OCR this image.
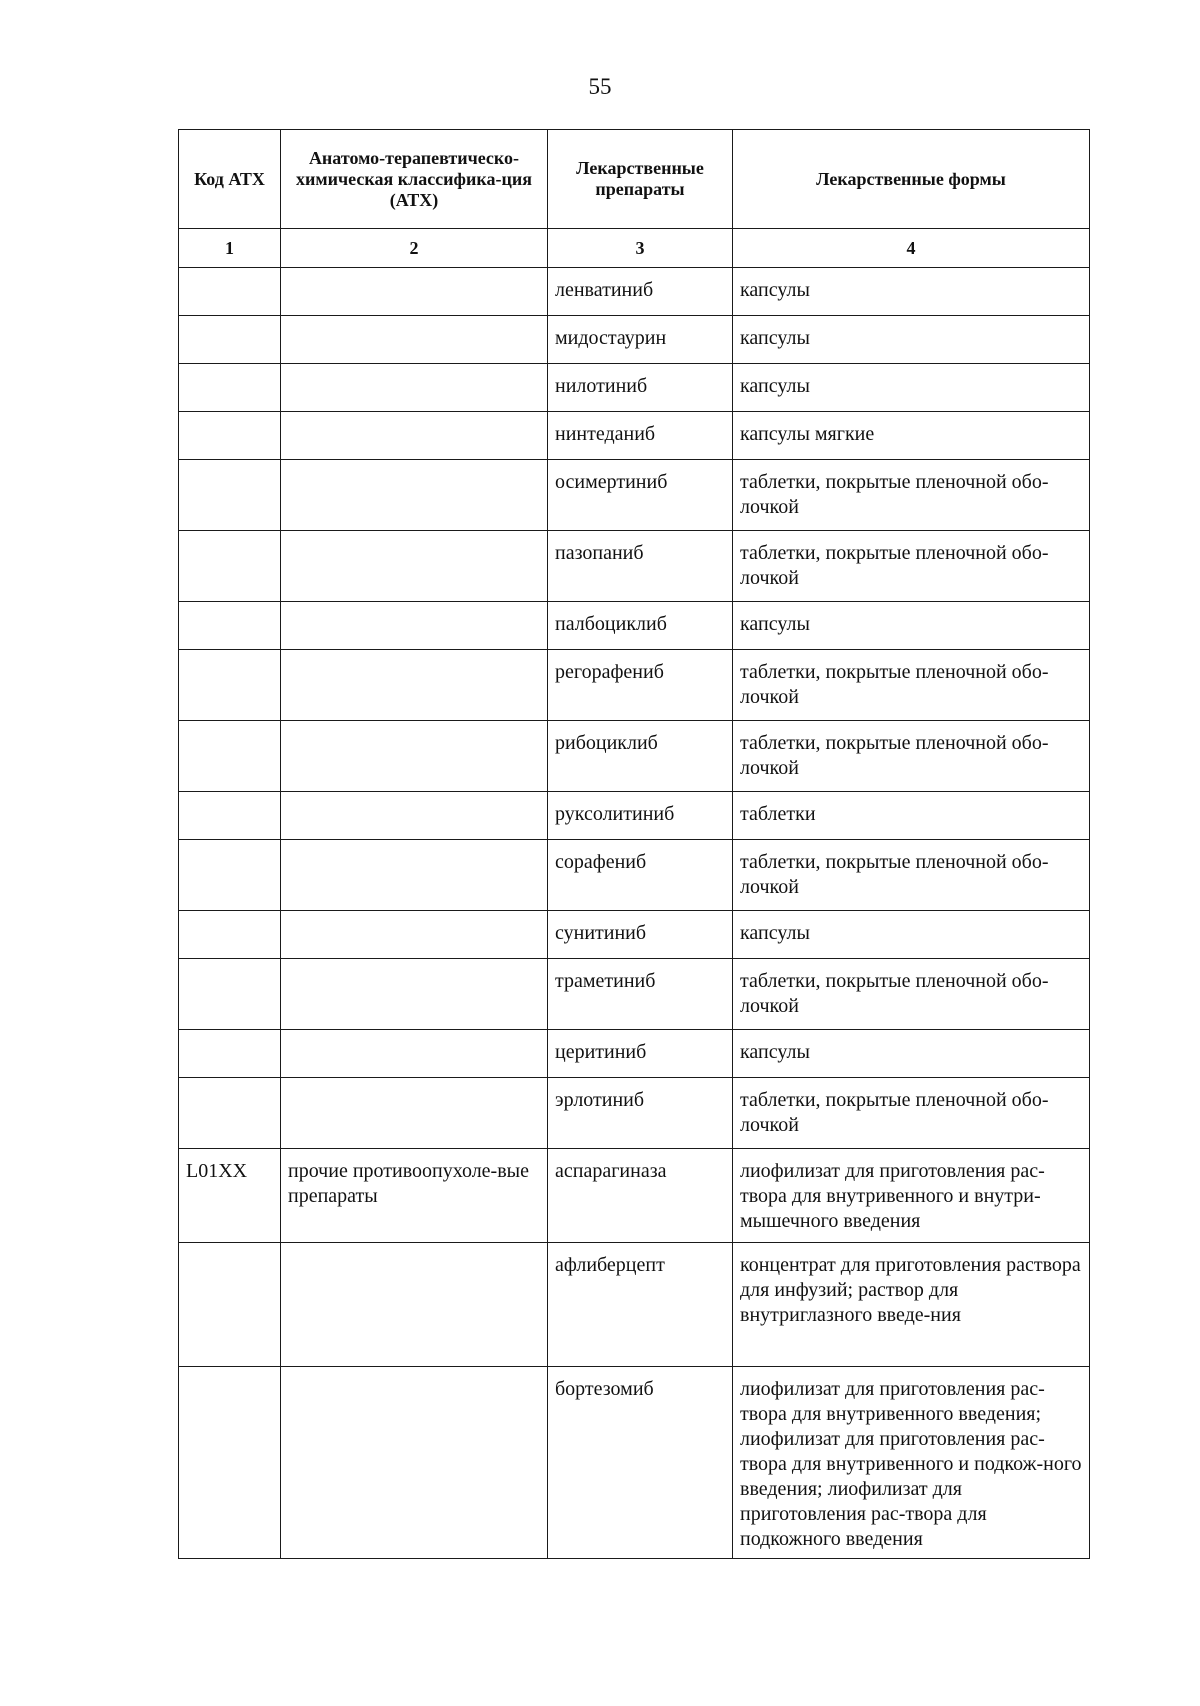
55
Код АТХ	Анатомо-терапевтическо-химическая классифика-ция (АТХ)	Лекарственные препараты	Лекарственные формы
1	2	3	4
		ленватиниб	капсулы
		мидостаурин	капсулы
		нилотиниб	капсулы
		нинтеданиб	капсулы мягкие
		осимертиниб	таблетки, покрытые пленочной обо-лочкой
		пазопаниб	таблетки, покрытые пленочной обо-лочкой
		палбоциклиб	капсулы
		регорафениб	таблетки, покрытые пленочной обо-лочкой
		рибоциклиб	таблетки, покрытые пленочной обо-лочкой
		руксолитиниб	таблетки
		сорафениб	таблетки, покрытые пленочной обо-лочкой
		сунитиниб	капсулы
		траметиниб	таблетки, покрытые пленочной обо-лочкой
		церитиниб	капсулы
		эрлотиниб	таблетки, покрытые пленочной обо-лочкой
L01XX	прочие противоопухоле-вые препараты	аспарагиназа	лиофилизат для приготовления рас-твора для внутривенного и внутри-мышечного введения
		афлиберцепт	концентрат для приготовления раствора для инфузий; раствор для внутриглазного введе-ния
		бортезомиб	лиофилизат для приготовления рас-твора для внутривенного введения; лиофилизат для приготовления рас-твора для внутривенного и подкож-ного введения; лиофилизат для приготовления рас-твора для подкожного введения
